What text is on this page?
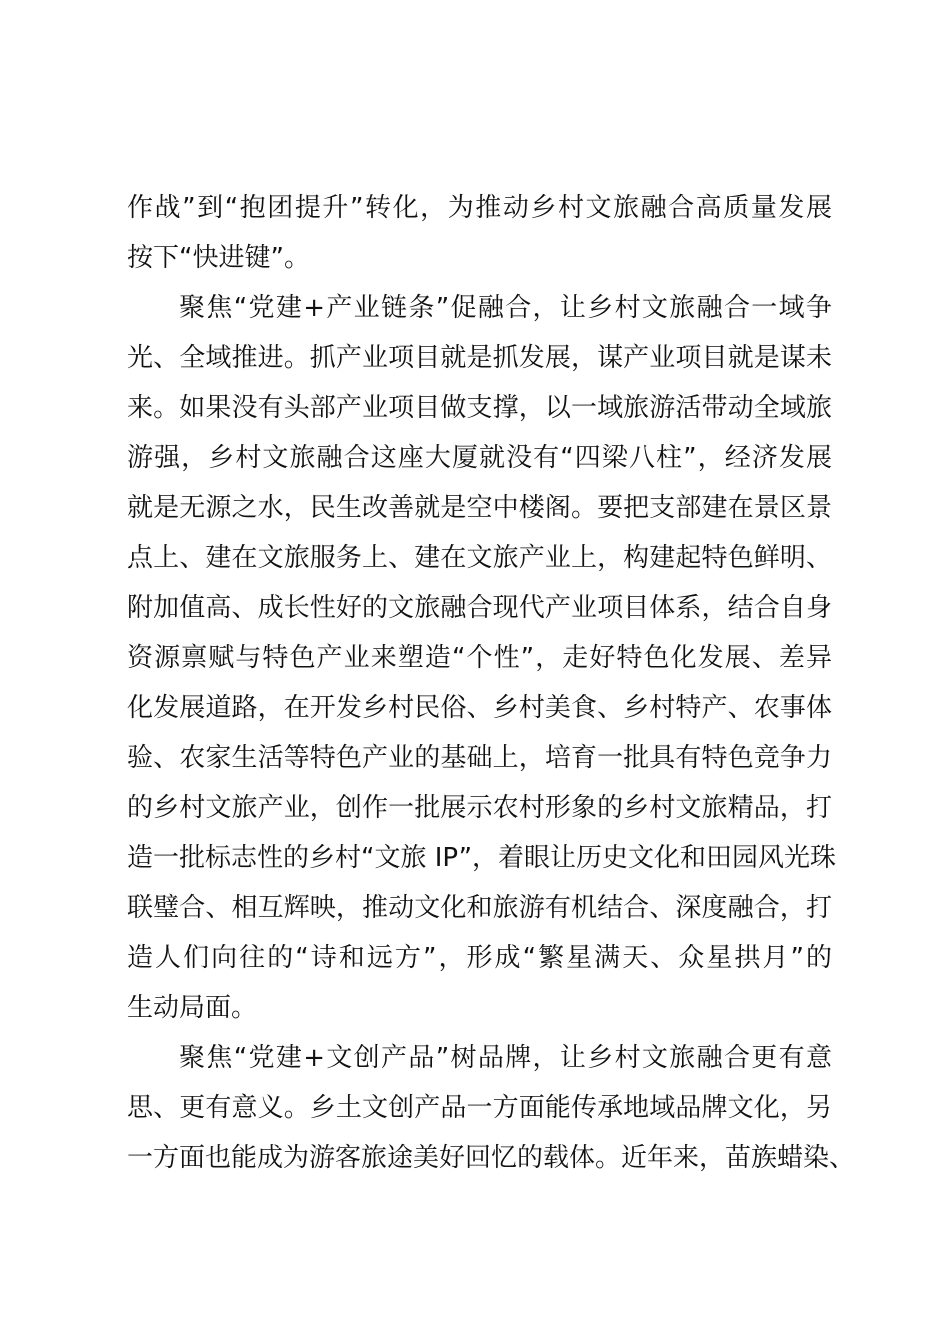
作战”到“抱团提升”转化，为推动乡村文旅融合高质量发展
按下“快进键”。
聚焦“党建+产业链条”促融合，让乡村文旅融合一域争
光、全域推进。抓产业项目就是抓发展，谋产业项目就是谋未
来。如果没有头部产业项目做支撑，以一域旅游活带动全域旅
游强，乡村文旅融合这座大厦就没有“四梁八柱”，经济发展
就是无源之水，民生改善就是空中楼阁。要把支部建在景区景
点上、建在文旅服务上、建在文旅产业上，构建起特色鲜明、
附加值高、成长性好的文旅融合现代产业项目体系，结合自身
资源禀赋与特色产业来塑造“个性”，走好特色化发展、差异
化发展道路，在开发乡村民俗、乡村美食、乡村特产、农事体
验、农家生活等特色产业的基础上，培育一批具有特色竞争力
的乡村文旅产业，创作一批展示农村形象的乡村文旅精品，打
造一批标志性的乡村“文旅 IP”，着眼让历史文化和田园风光珠
联璧合、相互辉映，推动文化和旅游有机结合、深度融合，打
造人们向往的“诗和远方”，形成“繁星满天、众星拱月”的
生动局面。
聚焦“党建+文创产品”树品牌，让乡村文旅融合更有意
思、更有意义。乡土文创产品一方面能传承地域品牌文化，另
一方面也能成为游客旅途美好回忆的载体。近年来，苗族蜡染、
